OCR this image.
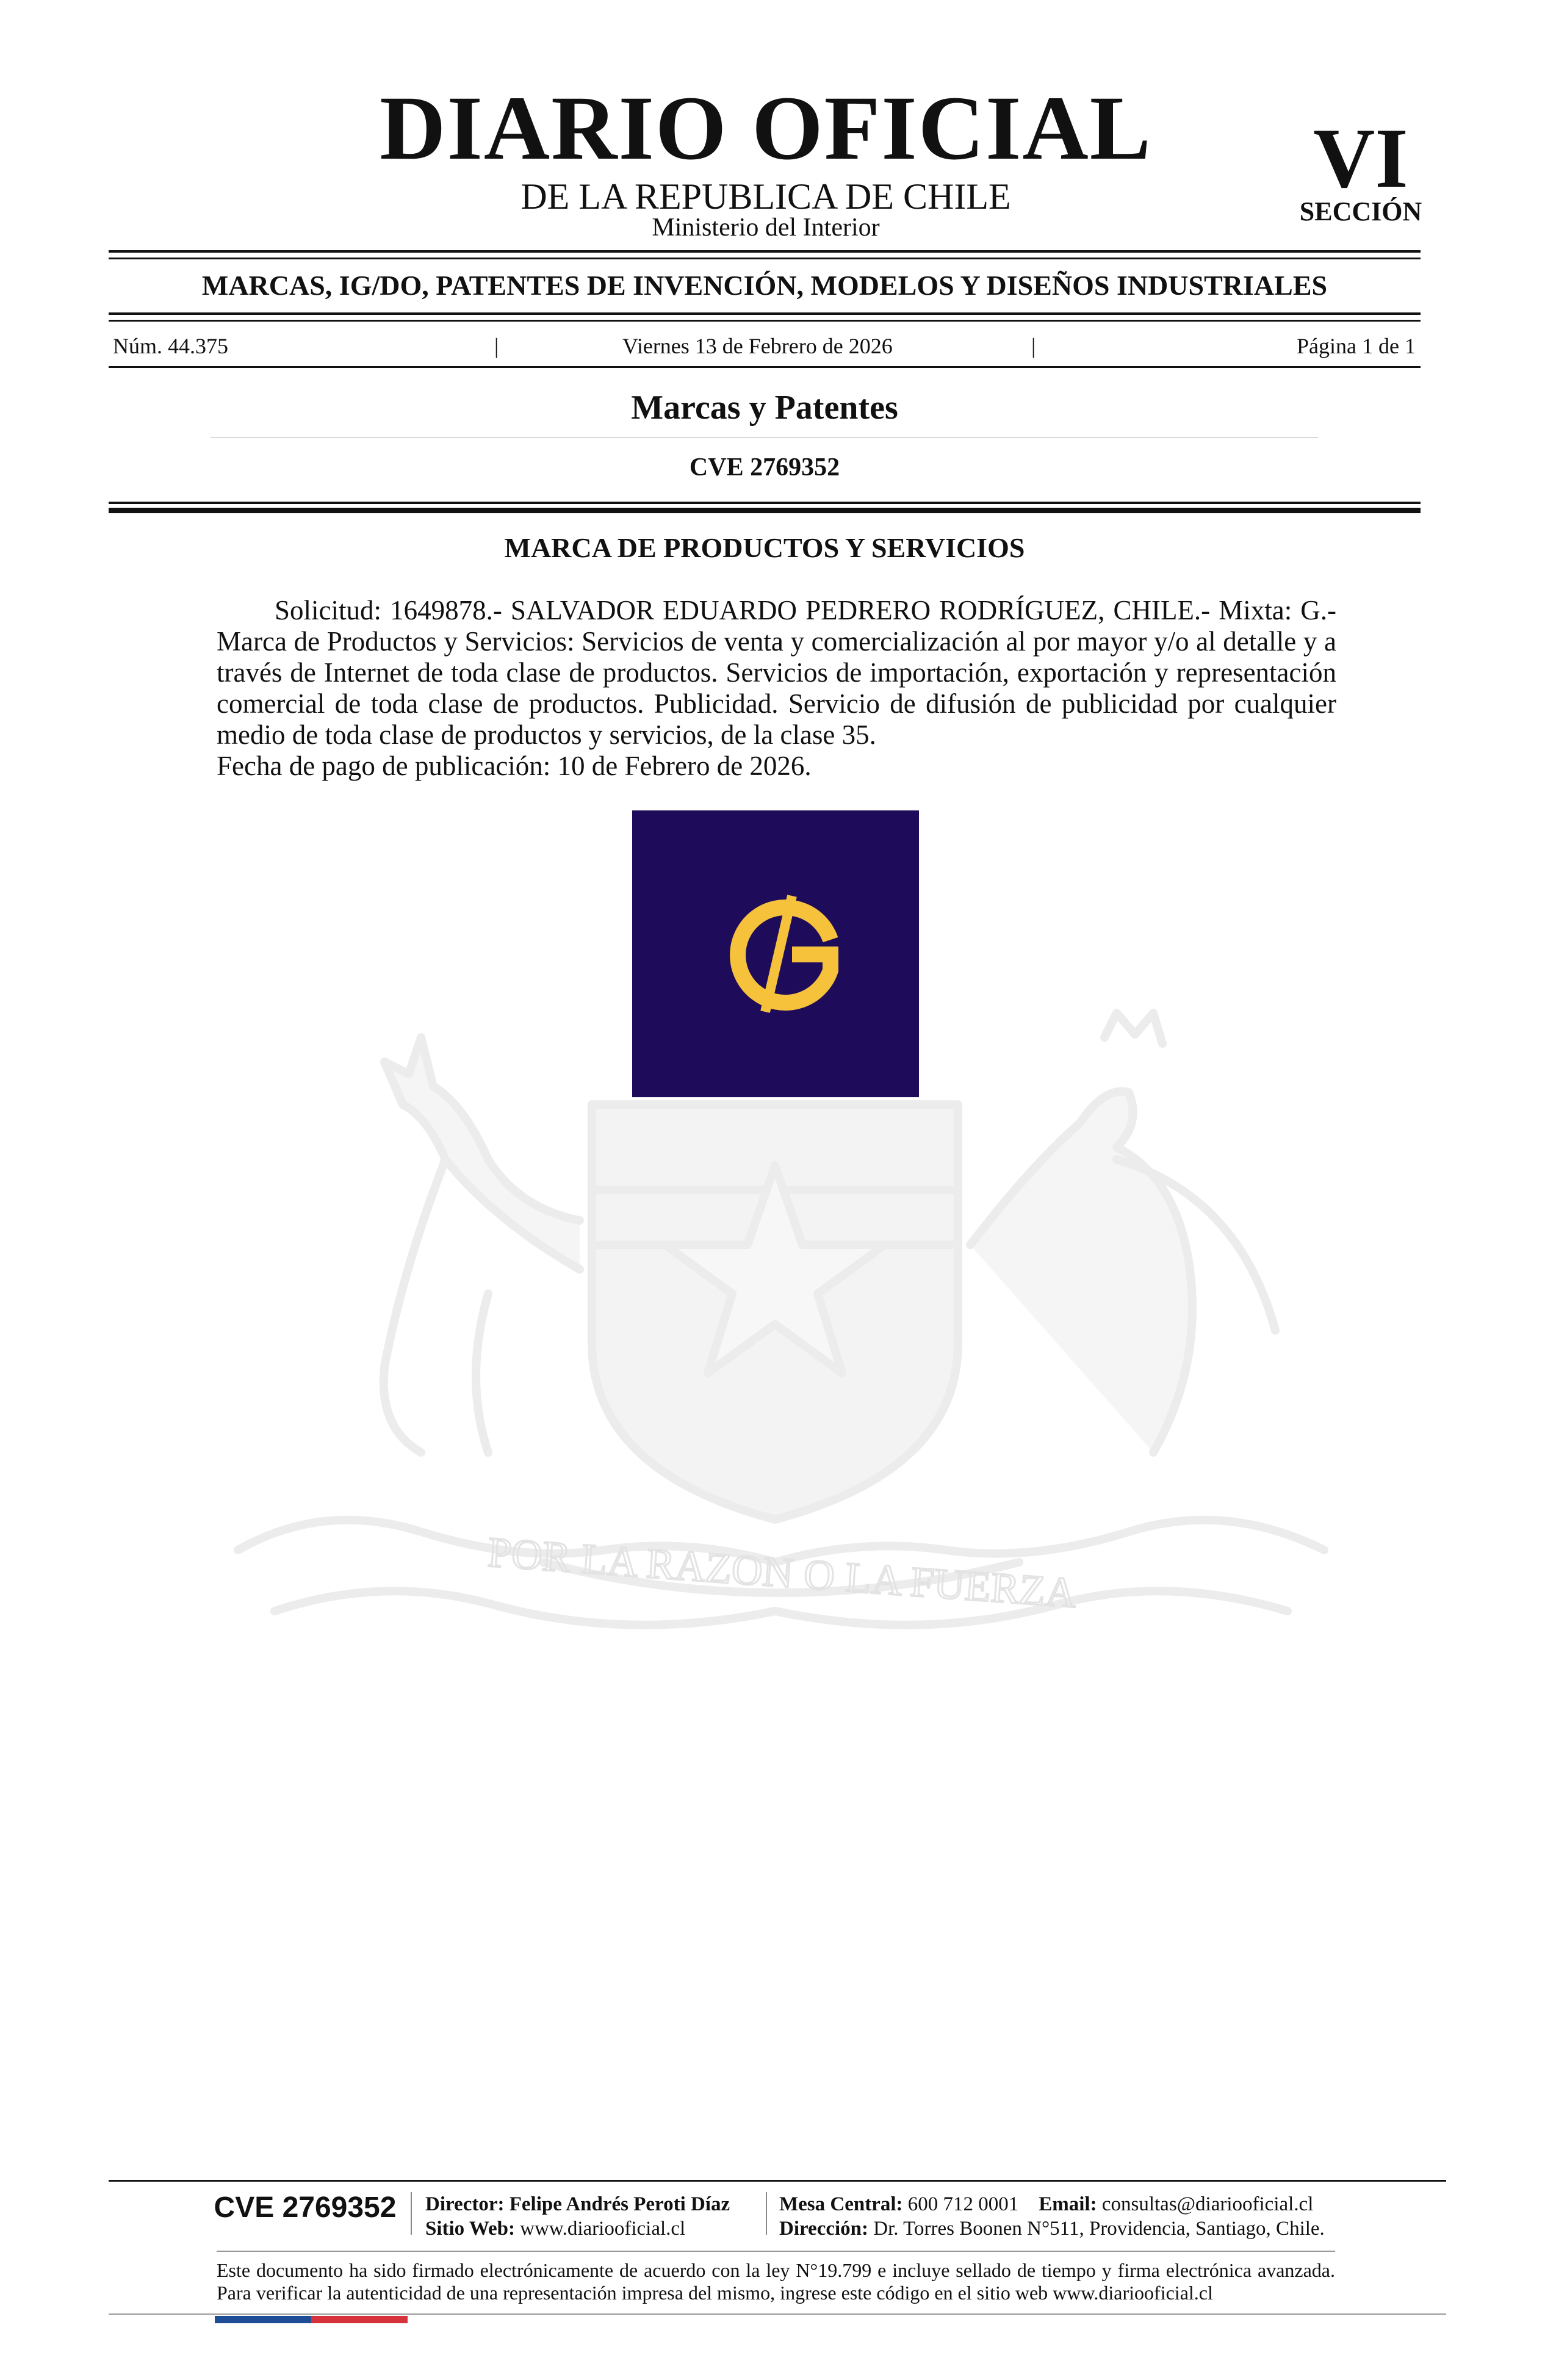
POR LA RAZON O LA FUERZA
DIARIO OFICIAL
DE LA REPUBLICA DE CHILE
Ministerio del Interior
VI
SECCIÓN
MARCAS, IG/DO, PATENTES DE INVENCIÓN, MODELOS Y DISEÑOS INDUSTRIALES
Núm. 44.375	|	Viernes 13 de Febrero de 2026	|	Página 1 de 1
Marcas y Patentes
CVE 2769352
MARCA DE PRODUCTOS Y SERVICIOS

Solicitud: 1649878.- SALVADOR EDUARDO PEDRERO RODRÍGUEZ, CHILE.- Mixta: G.- Marca de Productos y Servicios: Servicios de venta y comercialización al por mayor y/o al detalle y a través de Internet de toda clase de productos. Servicios de importación, exportación y representación comercial de toda clase de productos. Publicidad. Servicio de difusión de publicidad por cualquier medio de toda clase de productos y servicios, de la clase 35.

Fecha de pago de publicación: 10 de Febrero de 2026.

CVE 2769352	Director: Felipe Andrés Peroti Díaz
Sitio Web: www.diariooficial.cl
Mesa Central: 600 712 0001 Email: consultas@diariooficial.cl
Dirección: Dr. Torres Boonen N°511, Providencia, Santiago, Chile.

Este documento ha sido firmado electrónicamente de acuerdo con la ley N°19.799 e incluye sellado de tiempo y firma electrónica avanzada. Para verificar la autenticidad de una representación impresa del mismo, ingrese este código en el sitio web www.diariooficial.cl
